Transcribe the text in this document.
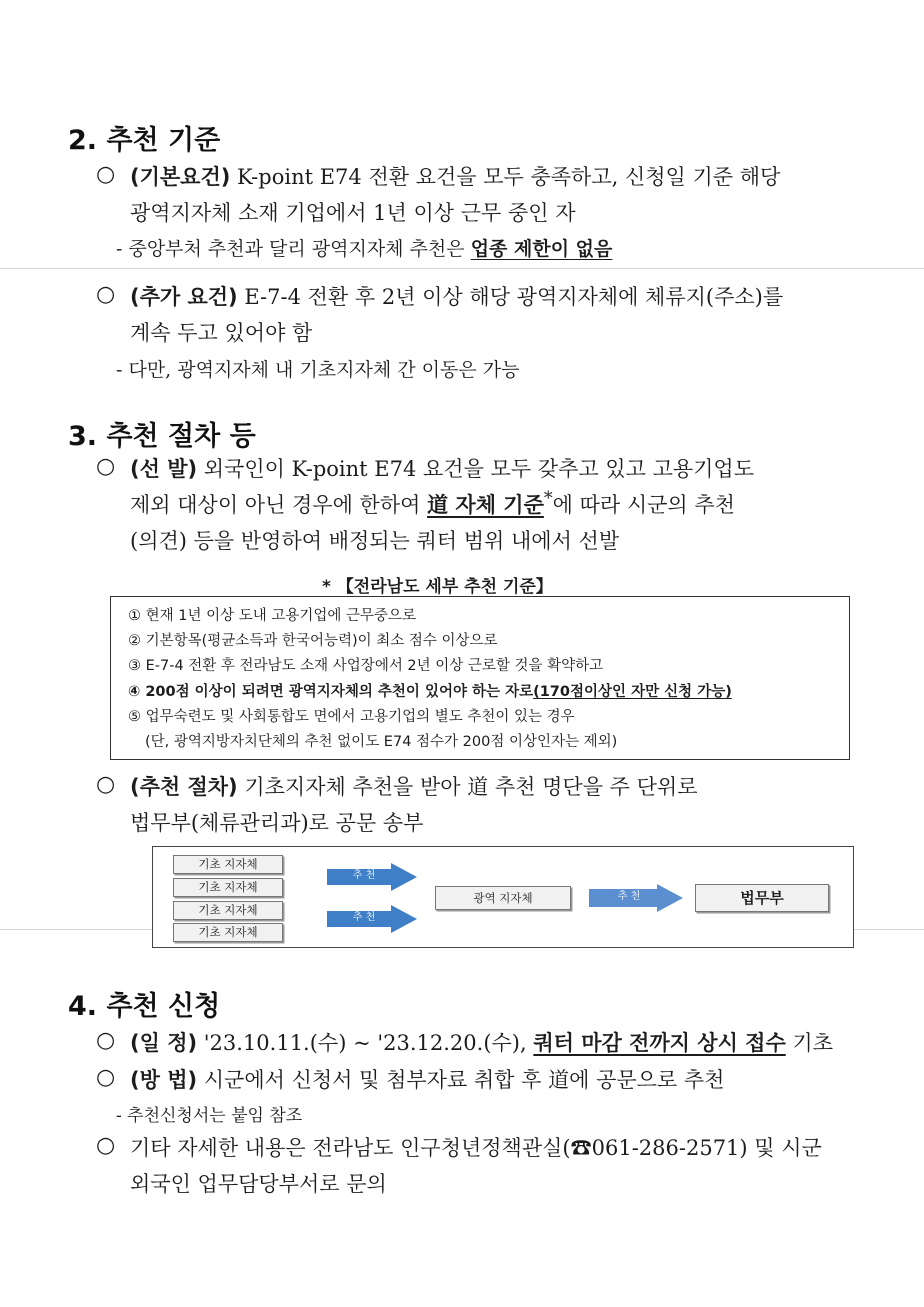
2. 추천 기준
○ (기본요건) K-point E74 전환 요건을 모두 충족하고, 신청일 기준 해당
광역지자체 소재 기업에서 1년 이상 근무 중인 자
- 중앙부처 추천과 달리 광역지자체 추천은 업종 제한이 없음
○ (추가 요건) E-7-4 전환 후 2년 이상 해당 광역지자체에 체류지(주소)를
계속 두고 있어야 함
- 다만, 광역지자체 내 기초지자체 간 이동은 가능
3. 추천 절차 등
○ (선 발) 외국인이 K-point E74 요건을 모두 갖추고 있고 고용기업도
제외 대상이 아닌 경우에 한하여 道 자체 기준*에 따라 시군의 추천
(의견) 등을 반영하여 배정되는 쿼터 범위 내에서 선발
* 【전라남도 세부 추천 기준】
① 현재 1년 이상 도내 고용기업에 근무중으로
② 기본항목(평균소득과 한국어능력)이 최소 점수 이상으로
③ E-7-4 전환 후 전라남도 소재 사업장에서 2년 이상 근로할 것을 확약하고
④ 200점 이상이 되려면 광역지자체의 추천이 있어야 하는 자로(170점이상인 자만 신청 가능)
⑤ 업무숙련도 및 사회통합도 면에서 고용기업의 별도 추천이 있는 경우
(단, 광역지방자치단체의 추천 없이도 E74 점수가 200점 이상인자는 제외)
○ (추천 절차) 기초지자체 추천을 받아 道 추천 명단을 주 단위로
법무부(체류관리과)로 공문 송부
기초 지자체
기초 지자체
기초 지자체
기초 지자체
추 천
추 천
광역 지자체	추 천	법무부
4. 추천 신청
○ (일 정) '23.10.11.(수) ~ '23.12.20.(수), 쿼터 마감 전까지 상시 접수 기초
○ (방 법) 시군에서 신청서 및 첨부자료 취합 후 道에 공문으로 추천
- 추천신청서는 붙임 참조
○ 기타 자세한 내용은 전라남도 인구청년정책관실(☎061-286-2571) 및 시군
외국인 업무담당부서로 문의
